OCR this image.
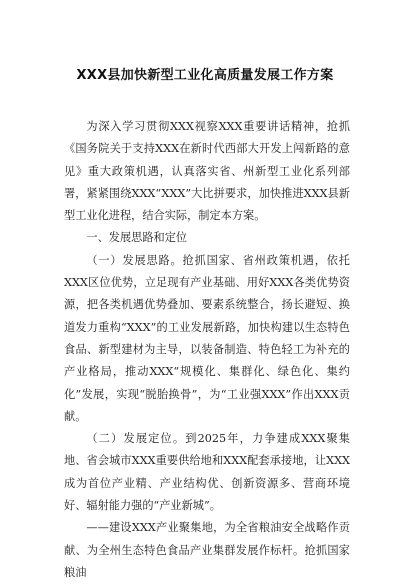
XXX县加快新型工业化高质量发展工作方案

为深入学习贯彻XXX视察XXX重要讲话精神，抢抓《国务院关于支持XXX在新时代西部大开发上闯新路的意见》重大政策机遇，认真落实省、州新型工业化系列部署，紧紧围绕XXX“XXX”大比拼要求，加快推进XXX县新型工业化进程，结合实际，制定本方案。

一、发展思路和定位

（一）发展思路。抢抓国家、省州政策机遇，依托XXX区位优势，立足现有产业基础、用好XXX各类优势资源，把各类机遇优势叠加、要素系统整合，扬长避短、换道发力重构“XXX”的工业发展新路，加快构建以生态特色食品、新型建材为主导，以装备制造、特色轻工为补充的产业格局，推动XXX“规模化、集群化、绿色化、集约化”发展，实现“脱胎换骨”，为“工业强XXX”作出XXX贡献。

（二）发展定位。到2025年，力争建成XXX聚集地、省会城市XXX重要供给地和XXX配套承接地，让XXX成为首位产业精、产业结构优、创新资源多、营商环境好、辐射能力强的“产业新城”。

——建设XXX产业聚集地，为全省粮油安全战略作贡献、为全州生态特色食品产业集群发展作标杆。抢抓国家粮油
